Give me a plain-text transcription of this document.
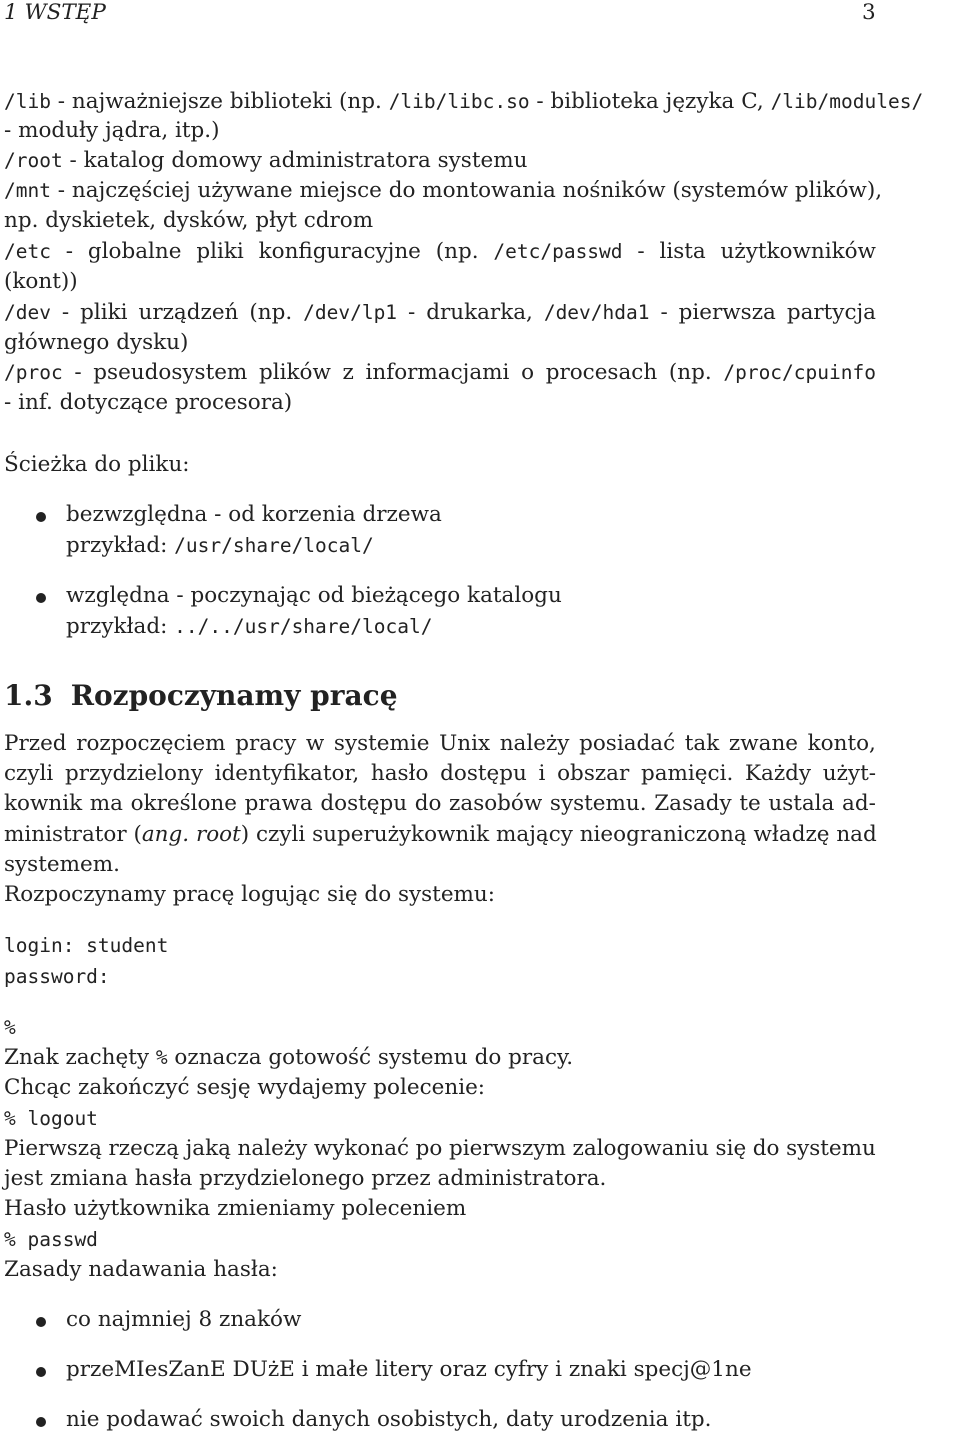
1 WSTĘP	3
/lib - najważniejsze biblioteki (np. /lib/libc.so - biblioteka języka C, /lib/modules/
- moduły jądra, itp.)
/root - katalog domowy administratora systemu
/mnt - najczęściej używane miejsce do montowania nośników (systemów plików),
np. dyskietek, dysków, płyt cdrom
/etc - globalne pliki konfiguracyjne (np. /etc/passwd - lista użytkowników
(kont))
/dev - pliki urządzeń (np. /dev/lp1 - drukarka, /dev/hda1 - pierwsza partycja
głównego dysku)
/proc - pseudosystem plików z informacjami o procesach (np. /proc/cpuinfo
- inf. dotyczące procesora)
Ścieżka do pliku:
bezwzględna - od korzenia drzewa
przykład: /usr/share/local/
względna - poczynając od bieżącego katalogu
przykład: ../../usr/share/local/
1.3 Rozpoczynamy pracę
Przed rozpoczęciem pracy w systemie Unix należy posiadać tak zwane konto,
czyli przydzielony identyfikator, hasło dostępu i obszar pamięci. Każdy użyt-
kownik ma określone prawa dostępu do zasobów systemu. Zasady te ustala ad-
ministrator (ang. root) czyli superużykownik mający nieograniczoną władzę nad
systemem.
Rozpoczynamy pracę logując się do systemu:
login: student
password:
%
Znak zachęty % oznacza gotowość systemu do pracy.
Chcąc zakończyć sesję wydajemy polecenie:
% logout
Pierwszą rzeczą jaką należy wykonać po pierwszym zalogowaniu się do systemu
jest zmiana hasła przydzielonego przez administratora.
Hasło użytkownika zmieniamy poleceniem
% passwd
Zasady nadawania hasła:
co najmniej 8 znaków
przeMIesZanE DUżE i małe litery oraz cyfry i znaki specj@1ne
nie podawać swoich danych osobistych, daty urodzenia itp.
